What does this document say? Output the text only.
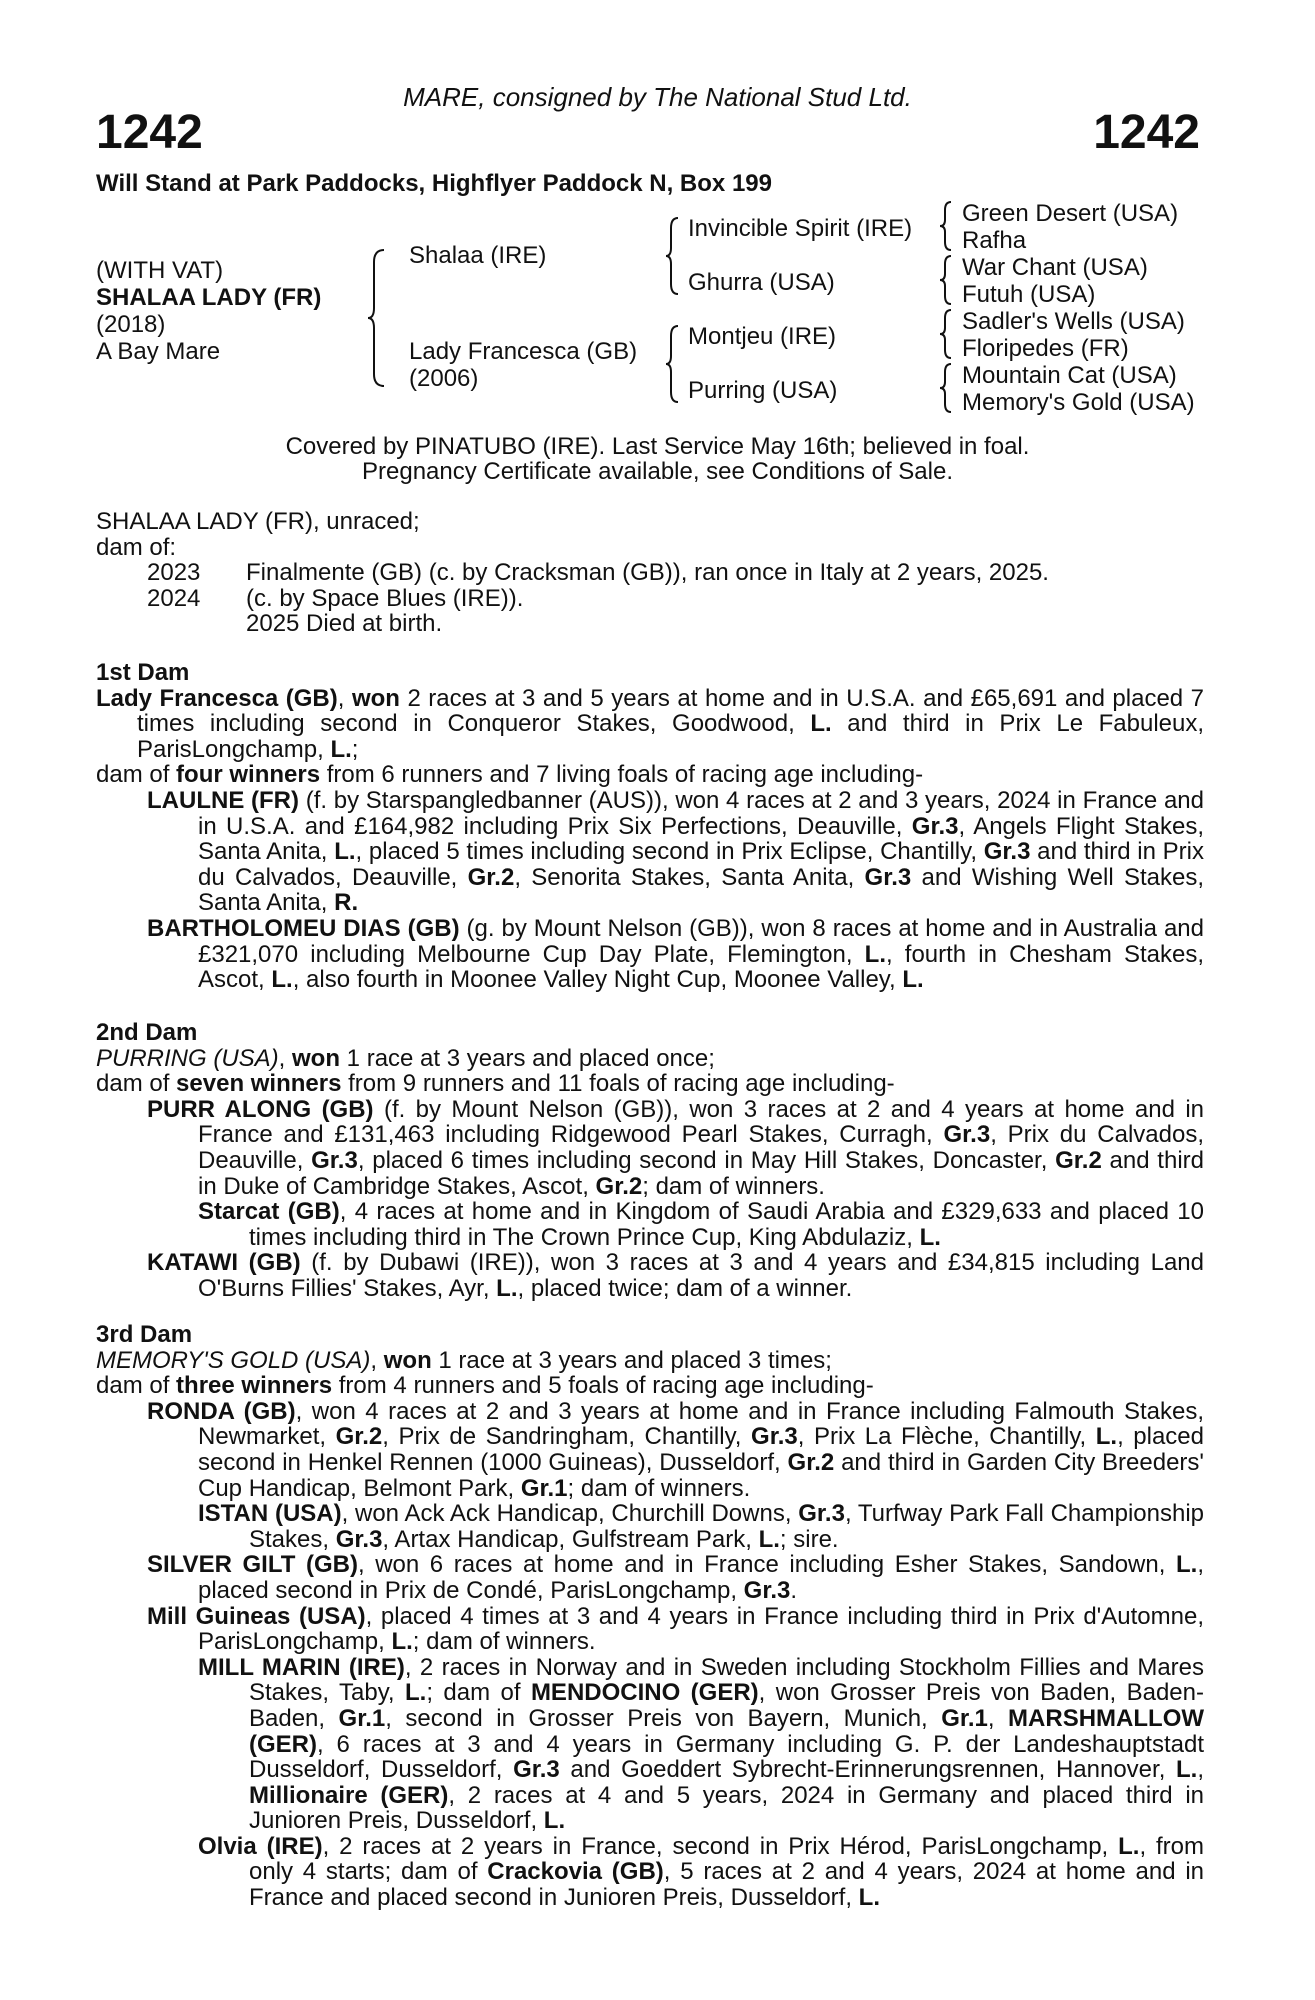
MARE, consigned by The National Stud Ltd.
1242	1242
Will Stand at Park Paddocks, Highflyer Paddock N, Box 199
(WITH VAT)
SHALAA LADY (FR)
(2018)
A Bay Mare
Shalaa (IRE)
Lady Francesca (GB)
(2006)
Invincible Spirit (IRE)
Ghurra (USA)
Montjeu (IRE)
Purring (USA)
Green Desert (USA)
Rafha
War Chant (USA)
Futuh (USA)
Sadler's Wells (USA)
Floripedes (FR)
Mountain Cat (USA)
Memory's Gold (USA)
Covered by PINATUBO (IRE). Last Service May 16th; believed in foal.
Pregnancy Certificate available, see Conditions of Sale.

SHALAA LADY (FR), unraced;

dam of:

	2023	Finalmente (GB) (c. by Cracksman (GB)), ran once in Italy at 2 years, 2025.
	2024	(c. by Space Blues (IRE)).
		2025 Died at birth.

1st Dam

Lady Francesca (GB), won 2 races at 3 and 5 years at home and in U.S.A. and £65,691 and placed 7 times including second in Conqueror Stakes, Goodwood, L. and third in Prix Le Fabuleux, ParisLongchamp, L.;

dam of four winners from 6 runners and 7 living foals of racing age including-

LAULNE (FR) (f. by Starspangledbanner (AUS)), won 4 races at 2 and 3 years, 2024 in France and in U.S.A. and £164,982 including Prix Six Perfections, Deauville, Gr.3, Angels Flight Stakes, Santa Anita, L., placed 5 times including second in Prix Eclipse, Chantilly, Gr.3 and third in Prix du Calvados, Deauville, Gr.2, Senorita Stakes, Santa Anita, Gr.3 and Wishing Well Stakes, Santa Anita, R.

BARTHOLOMEU DIAS (GB) (g. by Mount Nelson (GB)), won 8 races at home and in Australia and £321,070 including Melbourne Cup Day Plate, Flemington, L., fourth in Chesham Stakes, Ascot, L., also fourth in Moonee Valley Night Cup, Moonee Valley, L.

2nd Dam

PURRING (USA), won 1 race at 3 years and placed once;

dam of seven winners from 9 runners and 11 foals of racing age including-

PURR ALONG (GB) (f. by Mount Nelson (GB)), won 3 races at 2 and 4 years at home and in France and £131,463 including Ridgewood Pearl Stakes, Curragh, Gr.3, Prix du Calvados, Deauville, Gr.3, placed 6 times including second in May Hill Stakes, Doncaster, Gr.2 and third in Duke of Cambridge Stakes, Ascot, Gr.2; dam of winners.

Starcat (GB), 4 races at home and in Kingdom of Saudi Arabia and £329,633 and placed 10 times including third in The Crown Prince Cup, King Abdulaziz, L.

KATAWI (GB) (f. by Dubawi (IRE)), won 3 races at 3 and 4 years and £34,815 including Land O'Burns Fillies' Stakes, Ayr, L., placed twice; dam of a winner.

3rd Dam

MEMORY'S GOLD (USA), won 1 race at 3 years and placed 3 times;

dam of three winners from 4 runners and 5 foals of racing age including-

RONDA (GB), won 4 races at 2 and 3 years at home and in France including Falmouth Stakes, Newmarket, Gr.2, Prix de Sandringham, Chantilly, Gr.3, Prix La Flèche, Chantilly, L., placed second in Henkel Rennen (1000 Guineas), Dusseldorf, Gr.2 and third in Garden City Breeders' Cup Handicap, Belmont Park, Gr.1; dam of winners.

ISTAN (USA), won Ack Ack Handicap, Churchill Downs, Gr.3, Turfway Park Fall Championship Stakes, Gr.3, Artax Handicap, Gulfstream Park, L.; sire.

SILVER GILT (GB), won 6 races at home and in France including Esher Stakes, Sandown, L., placed second in Prix de Condé, ParisLongchamp, Gr.3.

Mill Guineas (USA), placed 4 times at 3 and 4 years in France including third in Prix d'Automne, ParisLongchamp, L.; dam of winners.

MILL MARIN (IRE), 2 races in Norway and in Sweden including Stockholm Fillies and Mares Stakes, Taby, L.; dam of MENDOCINO (GER), won Grosser Preis von Baden, Baden-Baden, Gr.1, second in Grosser Preis von Bayern, Munich, Gr.1, MARSHMALLOW (GER), 6 races at 3 and 4 years in Germany including G. P. der Landeshauptstadt Dusseldorf, Dusseldorf, Gr.3 and Goeddert Sybrecht-Erinnerungsrennen, Hannover, L., Millionaire (GER), 2 races at 4 and 5 years, 2024 in Germany and placed third in Junioren Preis, Dusseldorf, L.

Olvia (IRE), 2 races at 2 years in France, second in Prix Hérod, ParisLongchamp, L., from only 4 starts; dam of Crackovia (GB), 5 races at 2 and 4 years, 2024 at home and in France and placed second in Junioren Preis, Dusseldorf, L.
